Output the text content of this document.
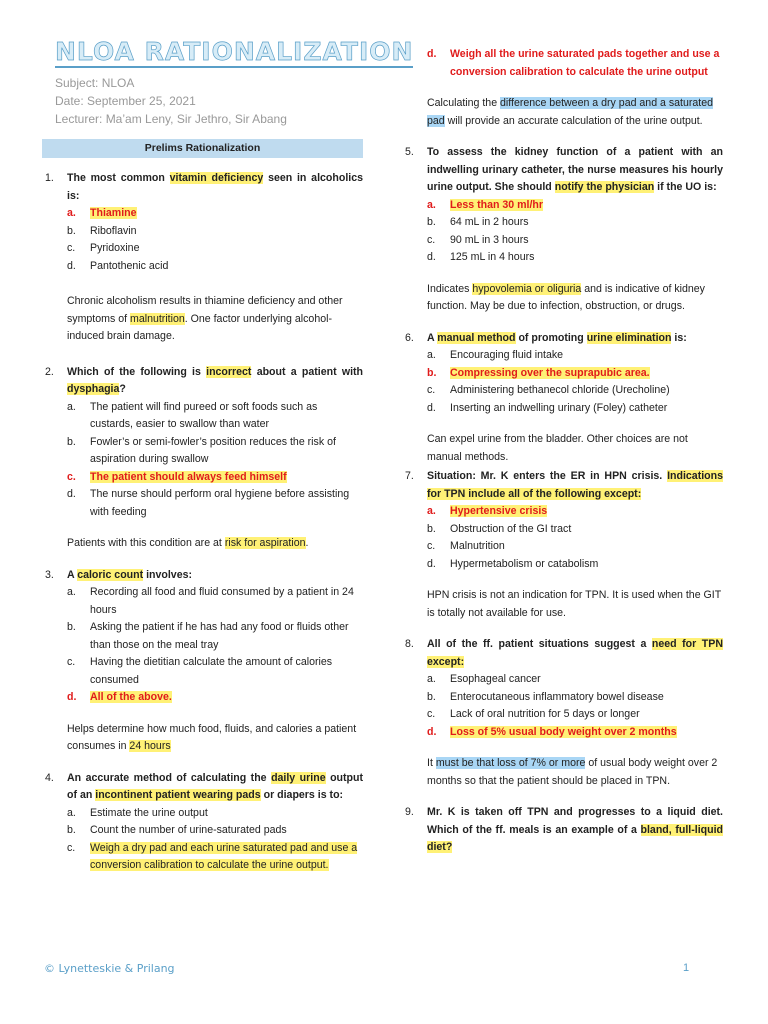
NLOA RATIONALIZATION
Subject: NLOA
Date: September 25, 2021
Lecturer: Ma’am Leny, Sir Jethro, Sir Abang
Prelims Rationalization
1.	The most common vitamin deficiency seen in alcoholics is:
a.	Thiamine
b.	Riboflavin
c.	Pyridoxine
d.	Pantothenic acid
Chronic alcoholism results in thiamine deficiency and other symptoms of malnutrition. One factor underlying alcohol-induced brain damage.
2.	Which of the following is incorrect about a patient with dysphagia?
a.	The patient will find pureed or soft foods such as custards, easier to swallow than water
b.	Fowler’s or semi-fowler’s position reduces the risk of aspiration during swallow
c.	The patient should always feed himself
d.	The nurse should perform oral hygiene before assisting with feeding
Patients with this condition are at risk for aspiration.
3.	A caloric count involves:
a.	Recording all food and fluid consumed by a patient in 24 hours
b.	Asking the patient if he has had any food or fluids other than those on the meal tray
c.	Having the dietitian calculate the amount of calories consumed
d.	All of the above.
Helps determine how much food, fluids, and calories a patient consumes in 24 hours
4.	An accurate method of calculating the daily urine output of an incontinent patient wearing pads or diapers is to:
a.	Estimate the urine output
b.	Count the number of urine-saturated pads
c.	Weigh a dry pad and each urine saturated pad and use a conversion calibration to calculate the urine output.
d.	Weigh all the urine saturated pads together and use a conversion calibration to calculate the urine output
Calculating the difference between a dry pad and a saturated pad will provide an accurate calculation of the urine output.
5.	To assess the kidney function of a patient with an indwelling urinary catheter, the nurse measures his hourly urine output. She should notify the physician if the UO is:
a.	Less than 30 ml/hr
b.	64 mL in 2 hours
c.	90 mL in 3 hours
d.	125 mL in 4 hours
Indicates hypovolemia or oliguria and is indicative of kidney function. May be due to infection, obstruction, or drugs.
6.	A manual method of promoting urine elimination is:
a.	Encouraging fluid intake
b.	Compressing over the suprapubic area.
c.	Administering bethanecol chloride (Urecholine)
d.	Inserting an indwelling urinary (Foley) catheter
Can expel urine from the bladder. Other choices are not manual methods.
7.	Situation: Mr. K enters the ER in HPN crisis. Indications for TPN include all of the following except:
a.	Hypertensive crisis
b.	Obstruction of the GI tract
c.	Malnutrition
d.	Hypermetabolism or catabolism
HPN crisis is not an indication for TPN. It is used when the GIT is totally not available for use.
8.	All of the ff. patient situations suggest a need for TPN except:
a.	Esophageal cancer
b.	Enterocutaneous inflammatory bowel disease
c.	Lack of oral nutrition for 5 days or longer
d.	Loss of 5% usual body weight over 2 months
It must be that loss of 7% or more of usual body weight over 2 months so that the patient should be placed in TPN.
9.	Mr. K is taken off TPN and progresses to a liquid diet. Which of the ff. meals is an example of a bland, full-liquid diet?
© Lynetteskie & Prilang	1
